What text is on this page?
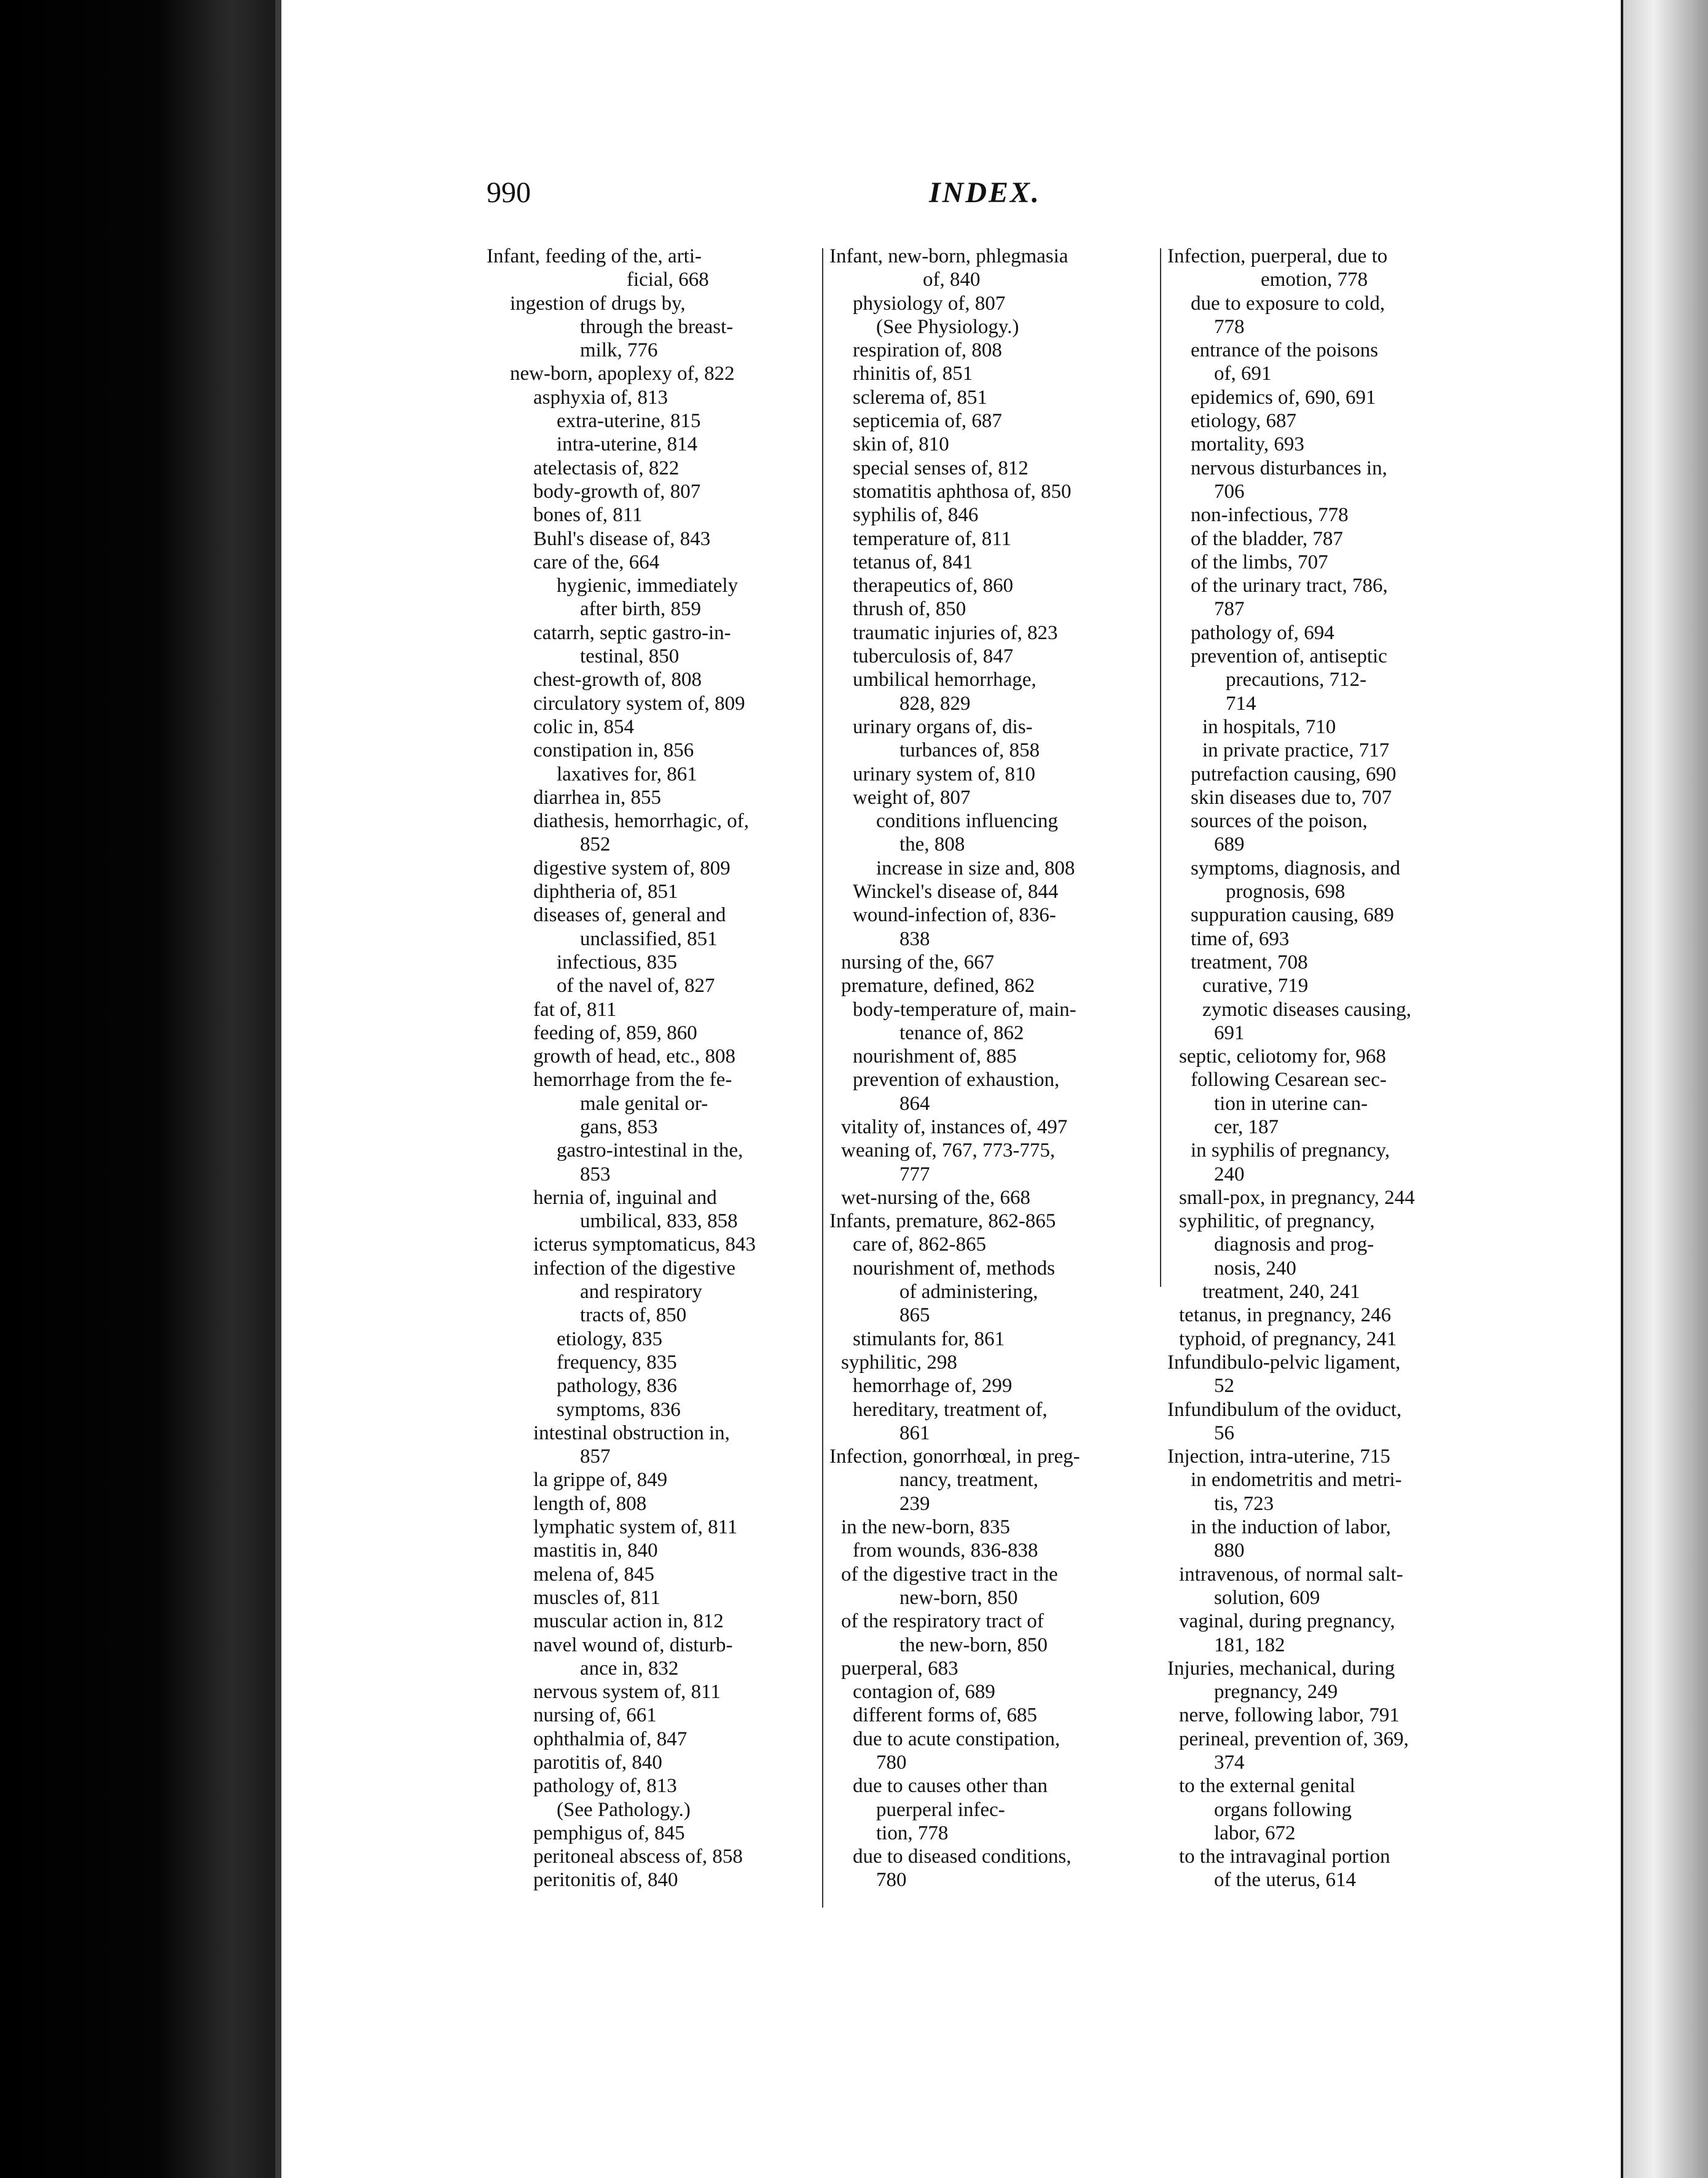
990	INDEX.
Infant, feeding of the, arti-
ficial, 668
ingestion of drugs by,
through the breast-
milk, 776
new-born, apoplexy of, 822
asphyxia of, 813
extra-uterine, 815
intra-uterine, 814
atelectasis of, 822
body-growth of, 807
bones of, 811
Buhl's disease of, 843
care of the, 664
hygienic, immediately
after birth, 859
catarrh, septic gastro-in-
testinal, 850
chest-growth of, 808
circulatory system of, 809
colic in, 854
constipation in, 856
laxatives for, 861
diarrhea in, 855
diathesis, hemorrhagic, of,
852
digestive system of, 809
diphtheria of, 851
diseases of, general and
unclassified, 851
infectious, 835
of the navel of, 827
fat of, 811
feeding of, 859, 860
growth of head, etc., 808
hemorrhage from the fe-
male genital or-
gans, 853
gastro-intestinal in the,
853
hernia of, inguinal and
umbilical, 833, 858
icterus symptomaticus, 843
infection of the digestive
and respiratory
tracts of, 850
etiology, 835
frequency, 835
pathology, 836
symptoms, 836
intestinal obstruction in,
857
la grippe of, 849
length of, 808
lymphatic system of, 811
mastitis in, 840
melena of, 845
muscles of, 811
muscular action in, 812
navel wound of, disturb-
ance in, 832
nervous system of, 811
nursing of, 661
ophthalmia of, 847
parotitis of, 840
pathology of, 813
(See Pathology.)
pemphigus of, 845
peritoneal abscess of, 858
peritonitis of, 840
Infant, new-born, phlegmasia
of, 840
physiology of, 807
(See Physiology.)
respiration of, 808
rhinitis of, 851
sclerema of, 851
septicemia of, 687
skin of, 810
special senses of, 812
stomatitis aphthosa of, 850
syphilis of, 846
temperature of, 811
tetanus of, 841
therapeutics of, 860
thrush of, 850
traumatic injuries of, 823
tuberculosis of, 847
umbilical hemorrhage,
828, 829
urinary organs of, dis-
turbances of, 858
urinary system of, 810
weight of, 807
conditions influencing
the, 808
increase in size and, 808
Winckel's disease of, 844
wound-infection of, 836-
838
nursing of the, 667
premature, defined, 862
body-temperature of, main-
tenance of, 862
nourishment of, 885
prevention of exhaustion,
864
vitality of, instances of, 497
weaning of, 767, 773-775,
777
wet-nursing of the, 668
Infants, premature, 862-865
care of, 862-865
nourishment of, methods
of administering,
865
stimulants for, 861
syphilitic, 298
hemorrhage of, 299
hereditary, treatment of,
861
Infection, gonorrhœal, in preg-
nancy, treatment,
239
in the new-born, 835
from wounds, 836-838
of the digestive tract in the
new-born, 850
of the respiratory tract of
the new-born, 850
puerperal, 683
contagion of, 689
different forms of, 685
due to acute constipation,
780
due to causes other than
puerperal infec-
tion, 778
due to diseased conditions,
780
Infection, puerperal, due to
emotion, 778
due to exposure to cold,
778
entrance of the poisons
of, 691
epidemics of, 690, 691
etiology, 687
mortality, 693
nervous disturbances in,
706
non-infectious, 778
of the bladder, 787
of the limbs, 707
of the urinary tract, 786,
787
pathology of, 694
prevention of, antiseptic
precautions, 712-
714
in hospitals, 710
in private practice, 717
putrefaction causing, 690
skin diseases due to, 707
sources of the poison,
689
symptoms, diagnosis, and
prognosis, 698
suppuration causing, 689
time of, 693
treatment, 708
curative, 719
zymotic diseases causing,
691
septic, celiotomy for, 968
following Cesarean sec-
tion in uterine can-
cer, 187
in syphilis of pregnancy,
240
small-pox, in pregnancy, 244
syphilitic, of pregnancy,
diagnosis and prog-
nosis, 240
treatment, 240, 241
tetanus, in pregnancy, 246
typhoid, of pregnancy, 241
Infundibulo-pelvic ligament,
52
Infundibulum of the oviduct,
56
Injection, intra-uterine, 715
in endometritis and metri-
tis, 723
in the induction of labor,
880
intravenous, of normal salt-
solution, 609
vaginal, during pregnancy,
181, 182
Injuries, mechanical, during
pregnancy, 249
nerve, following labor, 791
perineal, prevention of, 369,
374
to the external genital
organs following
labor, 672
to the intravaginal portion
of the uterus, 614
